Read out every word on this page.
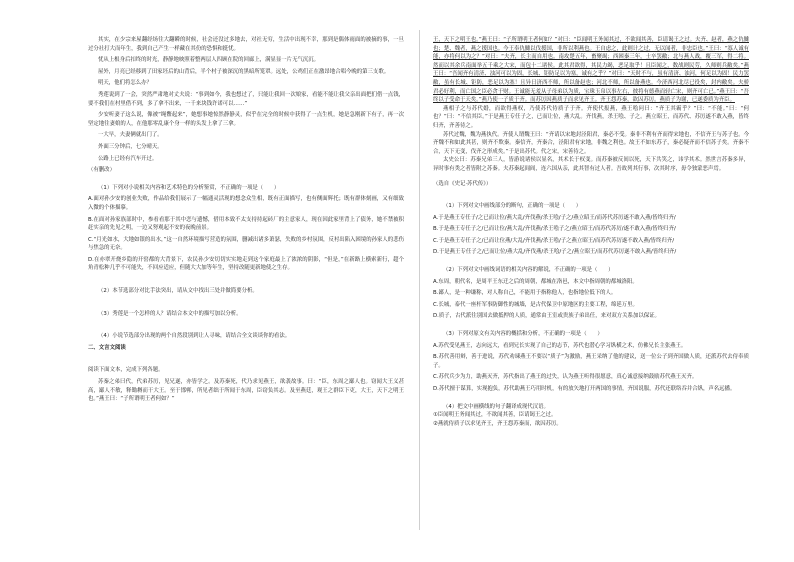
其实，在少宗来屋翻经场往大翻瞬的时候，社会还没过多地去，对社无穷，生活中出现不幸，那到是偶体雨面的被摘的事，一旦过分社打大而年生，我到自己产生一样藏在其份的恐惧和挺忧。

忧从上根身后扣终的时光，静静地映照着整两层人四顾在院的回廊上，满显显一片无气沉沉。

屋外，月亮已经移到了田家坯后的山背后，半个村子被深沉的黑暗所笼罩。远处，公鸡们正在激昂地合唱今晚的第三支歌。

明天，他们将怎么办？

秀莲说到了一会，突然严肃地对丈夫说：“事到如今，我也想过了，只能让我回一次娘家，看能不能让我父亲出面把们借一点钱，要不我们在村里借不到，多了拿不出来，一千来块钱许诺可以……”

少安听妻子这么说，像被“绳鳖起来”，她想事她惊然静静灵，似乎在完全的时候中获得了一点生机，她是急刚新下有子，再一次坚定地往妻娘的人，在他那零乱康个身一样的头发上拿了三拿。

一大早，夫妻俩就出门了。

外面三分钟后，七分晴天。

公路上已经有汽车开过。

（有删改）

（1）下列对小说相关内容和艺术特色的分析鉴赏，不正确的一项是（　　）

A.面对孙少安的创业失败，作品给我们展示了一幅通灵活现的想念众生相，既有正面描写，也有侧面辉托；既有群体刻画，又有细致入微的个体描摹。

B.在面对孙家族部时中，参看看那于其中恋与遗憾，借用本致不太支持持起砖厂的主意家人，现在因此家里背上了债务，她不禁被积赶实亲的先见之明，一边又努观起不安的夜晚前景。

C.“月光如水，大地如银的出水，”这一自然环境描写营造的氛围，删减出诸多萧瑟，失败的乡村氛围，反衬出陷入困境的孙家人的悲伤与焦急的无奈。

D.在亦翠开烧乡隐的开窑都的大背景下，农民孙少安切切实实地走到这个家庭最上了浓浓的阴影，“但是，”在新路上横索新行，超个角青松种几乎不可能失，不回应适应，但随大大加等年生，坚持改随更新地使之生存。

（2）本节选部分对比手法突出，请从文中找出三处并做简要分析。

（3）秀莲是一个怎样的人？请结合本文中的描写加以分析。

（4）小说节选部分出现的两个自然段别到让人寻味，请结合全文谈谈你的看法。

二、文言文阅读

阅读下面文本，完成下列各题。

苏秦之弟曰代，代弟苏厉，见兄遂，亦皆学之。及苏秦死，代乃求见燕王，欲袭故事。曰：“臣，东周之鄙人也。窃闻大王义甚高，鄙人不敏，释锄耨而干大王。至于邯郸，所见者绌于所闻于东周，臣窃负其志。及至燕廷，观王之群臣下吏，大王，天下之明王也。”燕王曰：“子所谓明王者何如？”

王，天下之明王也。”燕王曰：“子所谓明王者何如？”对曰：“臣闻明王务闻其过，不欲闻其善，臣请谒王之过。夫齐、赵者，燕之仇雠也；楚、魏者，燕之援国也。今王奉仇雠以伐援国，非所以利燕也。王自虑之，此则计之过，无以闻者，非忠臣也。”王曰：“寡人诚有能，亦将何以为之？”对曰：“夫齐，长主而自用也。南攻楚五年，畜聚竭；西困秦三年，士卒罢敝；北与燕人战，覆三军，得二将。然而以其余兵南面举五千乘之大宋，而包十二诸侯。此其君欲得，其民力竭，恶足取乎！且臣闻之，数战则民劳，久师则兵敝矣。”燕王曰：“吾闻齐有清济、浊河可以为固，长城、钜防足以为塞，诚有之乎？”对曰：“天时不与，虽有清济、浊河，何足以为固！民力罢敝，虽有长城、钜防，恶足以为塞！且异日济西不师，所以备赵也；河北不师，所以备燕也。今济西河北尽已役矣，封内敝矣。夫骄君必好利，而亡国之臣必贪于财。王诚能无羞从子母弟以为质，宝珠玉帛以事左右，彼将有德燕而轻亡宋，则齐可亡已。”燕王曰：“吾终以子受命于天矣。”燕乃使一子质于齐。而苏厉因燕质子而求见齐王。齐王怨苏秦，欲囚苏厉。燕质子为谢，已遂委质为齐臣。

燕相子之与苏代婚，而欲得燕权，乃使苏代侍质子于齐。齐使代报燕，燕王哙问曰：“齐王其霸乎？”曰：“不能。”曰：“何也？”曰：“不信其臣。”于是燕王专任子之，已而让位，燕大乱。齐伐燕，杀王哙、子之。燕立昭王，而苏代、苏厉遂不敢入燕，皆终归齐，齐善待之。

苏代过魏，魏为燕执代。齐使人谓魏王曰：“齐请以宋地封泾阳君，秦必不受。秦非不利有齐而得宋地也，不信齐王与苏子也。今齐魏不和如此其甚，则齐不欺秦。秦信齐，齐秦合，泾阳君有宋地，非魏之利也。故王不如东苏子，秦必疑齐而不信苏子矣。齐秦不合，天下无变，伐齐之形成矣。”于是出苏代。代之宋，宋善待之。

太史公曰：苏秦兄弟三人，皆游说诸侯以显名，其术长于权变。而苏秦被反间以死，天下共笑之，讳学其术。然世言苏秦多异，异时事有类之者皆附之苏秦。夫苏秦起闾阎，连六国从亲，此其智有过人者。吾故列其行事，次其时序，毋令独蒙恶声焉。

（选自《史记·苏代传》）

（1）下列对文中画线部分的断句，正确的一项是（　　）

A.于是燕王专任子/之已而让位/燕大乱/齐伐燕/杀王哙/子之/燕立昭王/而苏代苏厉遂不敢入燕/皆终归齐/

B.于是燕王专任子之/已而让位/燕大乱/齐伐燕/杀王哙子之/燕立昭王/而苏代苏厉/遂不敢入燕/皆终归齐/

C.于是燕王专任子之/已而让位燕/大乱/齐伐燕/杀王哙/子之燕立昭王/而苏代苏厉遂不敢入燕/皆终归齐/

D.于是燕王专任子之/已而让位/燕大乱/齐伐燕/杀王哙/子之/燕立昭王/而苏代苏厉遂不敢入燕/皆终归齐/

（2）下列对文中画线词语的相关内容的解说，不正确的一项是（　　）

A.东周，朝代名，是周平王东迁之后的周朝，都城在洛邑，本文中指周朝的都城洛阳。

B.鄙人，是一种谦称，对人称自己，不能用于指称他人，也指地位低下的人。

C.长城，泰代一座杆军事防御性的城墙，是古代保卫中原地区的主要工程，绵延万里。

D.质子，古代派往别国去做抵押的人质，通常由王室或贵族子弟出任，来对双方关系加以保证。

（3）下列对原文有关内容的概括和分析，不正确的一项是（　　）

A.苏代受见燕王，志向远大，看到兄长实现了自己的志节，苏代也潜心学习纵横之术，仿佛兄长主张燕王。

B.苏代善用辩，善于进说，苏代劝谏燕王不要以“质子”为激励，燕王采纳了他的建议，送一位公子到齐国做人质，还派苏代去侍奉质子。

C.苏代兵少为力，助燕灭齐，苏代指出了燕王的过失，认为燕王听得很愿意，真心诚意接纳鼓励苏代燕王灭齐。

D.苏代擅于谋算，实现抱负，苏代助燕王巧用时机，有的放矢地打开两国的事情，齐国说服，苏代还联络吞并合纵，声名远播。

（4）把文中画横线的句子翻译成现代汉语。

①臣闻明王务闻其过，不欲闻其善，臣请谒王之过。

②燕就侍质子以求见齐王，齐王怨苏秦而，欲囚苏厉。
